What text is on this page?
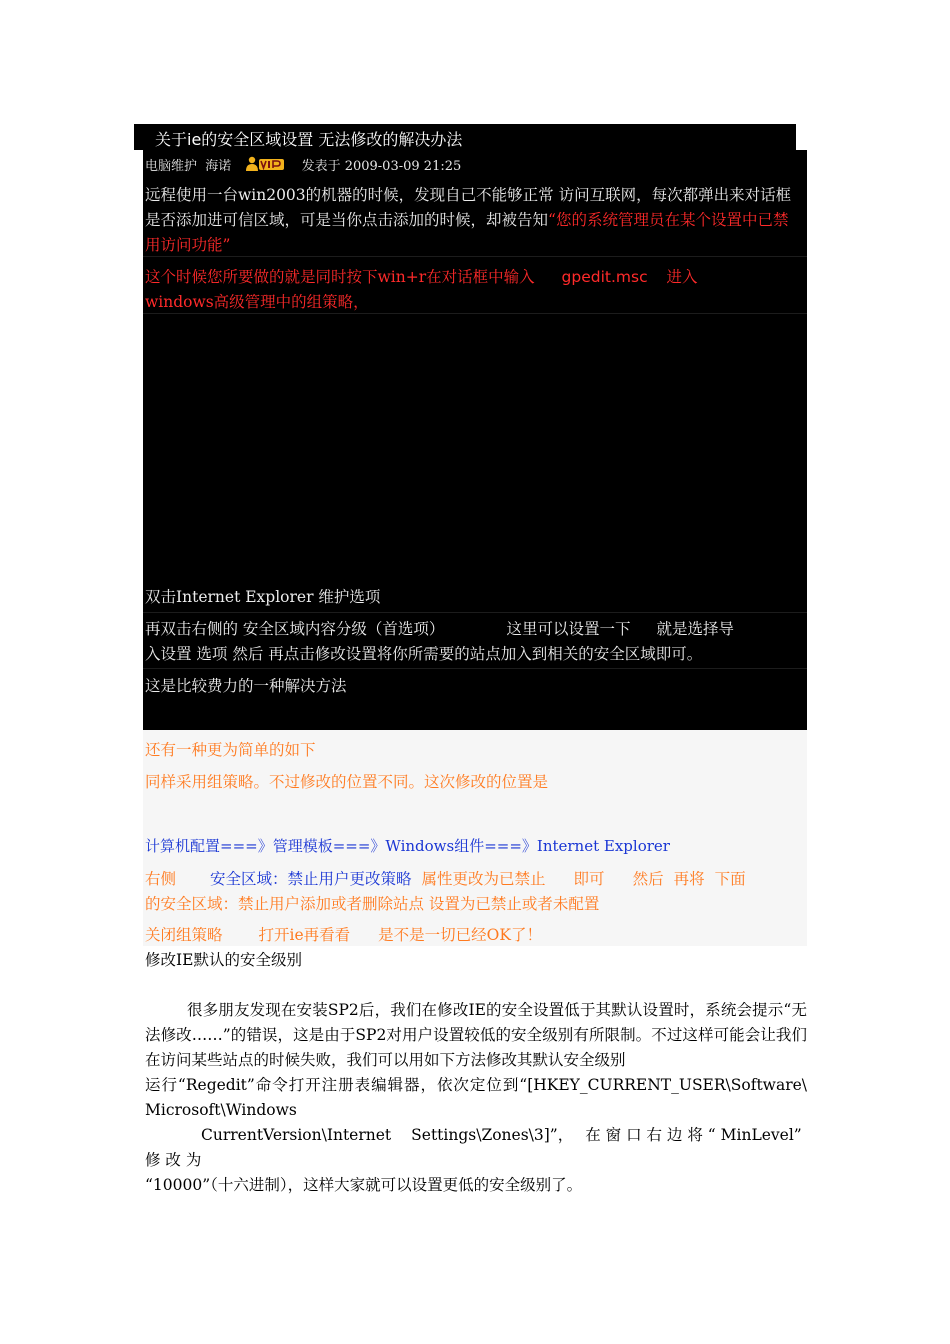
关于ie的安全区域设置 无法修改的解决办法
电脑维护 海诺	发表于 2009-03-09 21:25
远程使用一台win2003的机器的时候，发现自己不能够正常 访问互联网，每次都弹出来对话框是否添加进可信区域，可是当你点击添加的时候，却被告知“您的系统管理员在某个设置中已禁用访问功能”
这个时候您所要做的就是同时按下win+r在对话框中输入 gpedit.msc 进入
windows高级管理中的组策略，
双击Internet Explorer 维护选项
再双击右侧的 安全区域内容分级（首选项）	这里可以设置一下 就是选择导
入设置 选项 然后 再点击修改设置将你所需要的站点加入到相关的安全区域即可。
这是比较费力的一种解决方法
还有一种更为简单的如下
同样采用组策略。不过修改的位置不同。这次修改的位置是
计算机配置===》管理模板===》Windows组件===》Internet Explorer
右侧 安全区域：禁止用户更改策略 属性更改为已禁止 即可 然后 再将 下面
的安全区域：禁止用户添加或者删除站点 设置为已禁止或者未配置
关闭组策略 打开ie再看看 是不是一切已经OK了！
修改IE默认的安全级别
很多朋友发现在安装SP2后，我们在修改IE的安全设置低于其默认设置时，系统会提示“无法修改……”的错误，这是由于SP2对用户设置较低的安全级别有所限制。不过这样可能会让我们在访问某些站点的时候失败，我们可以用如下方法修改其默认安全级别
运行“Regedit”命令打开注册表编辑器，依次定位到“[HKEY_CURRENT_USER\Software\
Microsoft\Windows
CurrentVersion\Internet Settings\Zones\3]”， 在 窗 口 右 边 将 “ MinLevel” 修 改 为
“10000”（十六进制），这样大家就可以设置更低的安全级别了。
